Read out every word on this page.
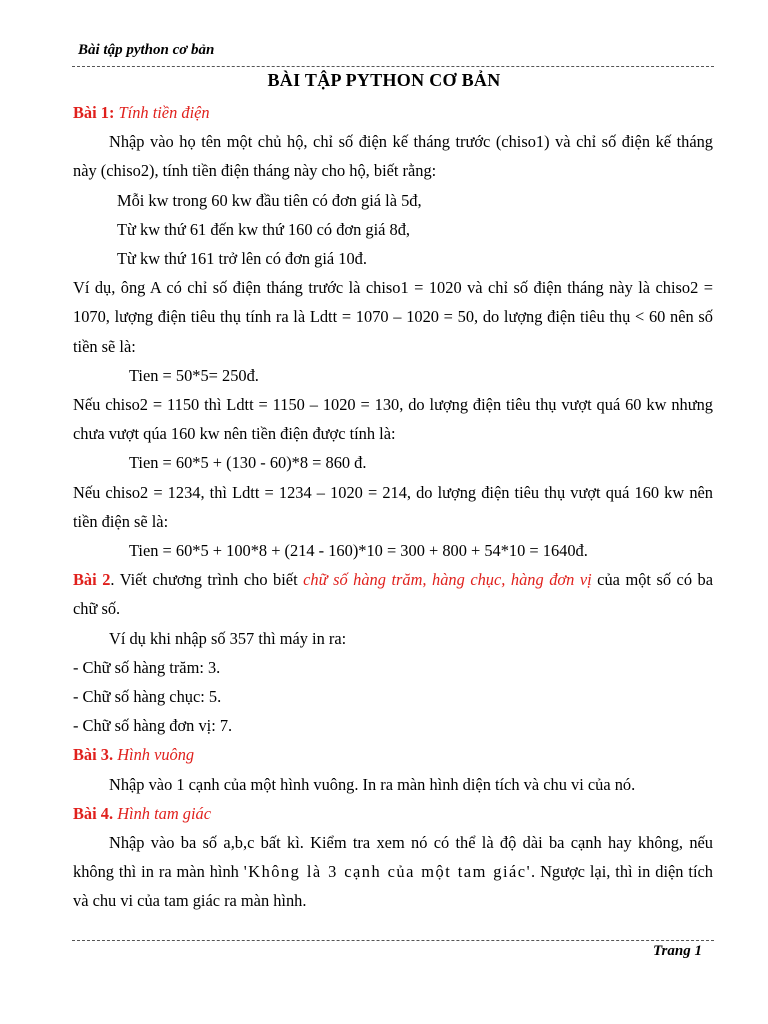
Bài tập python cơ bản
BÀI TẬP PYTHON CƠ BẢN

Bài 1: Tính tiền điện

Nhập vào họ tên một chủ hộ, chỉ số điện kế tháng trước (chiso1) và chỉ số điện kế tháng này (chiso2), tính tiền điện tháng này cho hộ, biết rằng:

Mỗi kw trong 60 kw đầu tiên có đơn giá là 5đ,

Từ kw thứ 61 đến kw thứ 160 có đơn giá 8đ,

Từ kw thứ 161 trở lên có đơn giá 10đ.

Ví dụ, ông A có chỉ số điện tháng trước là chiso1 = 1020 và chỉ số điện tháng này là chiso2 = 1070, lượng điện tiêu thụ tính ra là Ldtt = 1070 – 1020 = 50, do lượng điện tiêu thụ < 60 nên số tiền sẽ là:

Tien = 50*5= 250đ.

Nếu chiso2 = 1150 thì Ldtt = 1150 – 1020 = 130, do lượng điện tiêu thụ vượt quá 60 kw nhưng chưa vượt qúa 160 kw nên tiền điện được tính là:

Tien = 60*5 + (130 - 60)*8 = 860 đ.

Nếu chiso2 = 1234, thì Ldtt = 1234 – 1020 = 214, do lượng điện tiêu thụ vượt quá 160 kw nên tiền điện sẽ là:

Tien = 60*5 + 100*8 + (214 - 160)*10 = 300 + 800 + 54*10 = 1640đ.

Bài 2. Viết chương trình cho biết chữ số hàng trăm, hàng chục, hàng đơn vị của một số có ba chữ số.

Ví dụ khi nhập số 357 thì máy in ra:

- Chữ số hàng trăm: 3.

- Chữ số hàng chục: 5.

- Chữ số hàng đơn vị: 7.

Bài 3. Hình vuông

Nhập vào 1 cạnh của một hình vuông. In ra màn hình diện tích và chu vi của nó.

Bài 4. Hình tam giác

Nhập vào ba số a,b,c bất kì. Kiểm tra xem nó có thể là độ dài ba cạnh hay không, nếu không thì in ra màn hình 'Không là 3 cạnh của một tam giác'. Ngược lại, thì in diện tích và chu vi của tam giác ra màn hình.

Trang 1
